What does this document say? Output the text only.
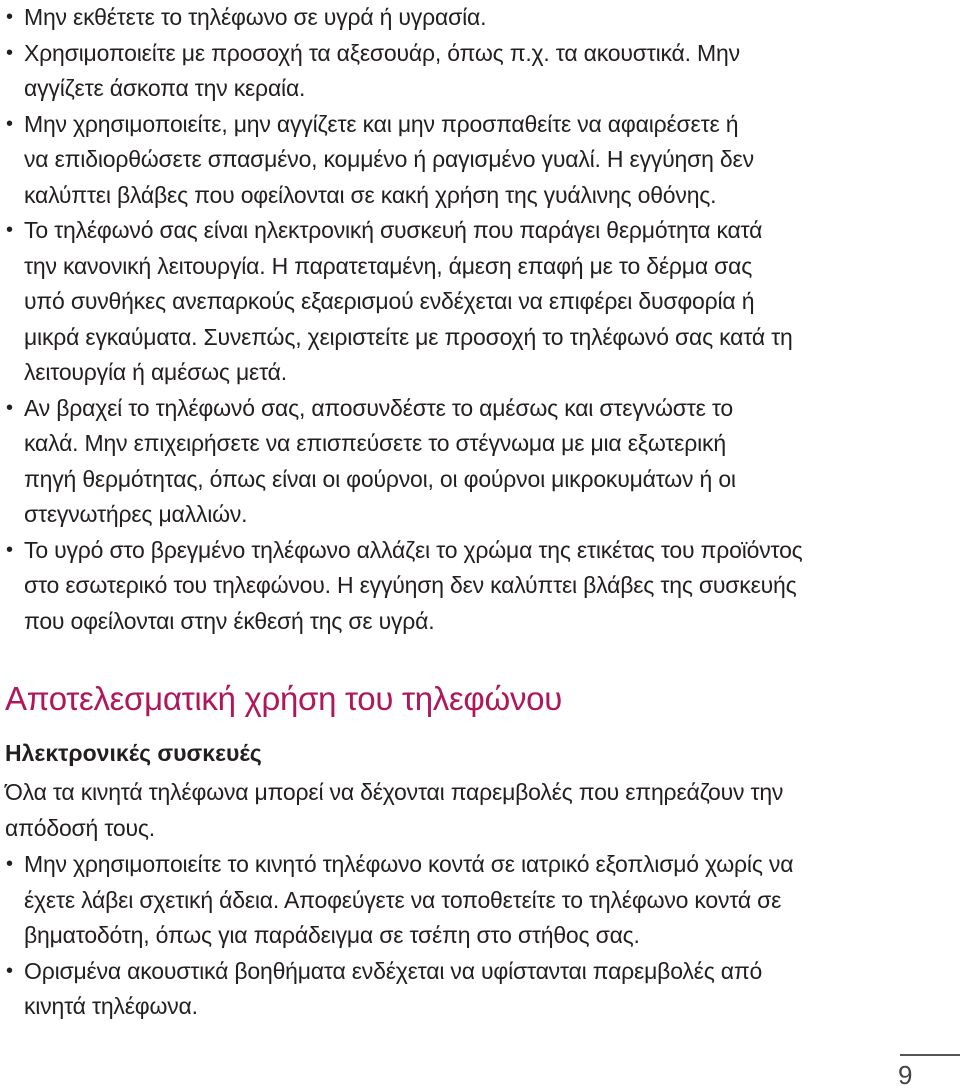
• Μην εκθέτετε το τηλέφωνο σε υγρά ή υγρασία.
• Χρησιμοποιείτε με προσοχή τα αξεσουάρ, όπως π.χ. τα ακουστικά. Μην
αγγίζετε άσκοπα την κεραία.
• Μην χρησιμοποιείτε, μην αγγίζετε και μην προσπαθείτε να αφαιρέσετε ή
να επιδιορθώσετε σπασμένο, κομμένο ή ραγισμένο γυαλί. Η εγγύηση δεν
καλύπτει βλάβες που οφείλονται σε κακή χρήση της γυάλινης οθόνης.
• Το τηλέφωνό σας είναι ηλεκτρονική συσκευή που παράγει θερμότητα κατά
την κανονική λειτουργία. Η παρατεταμένη, άμεση επαφή με το δέρμα σας
υπό συνθήκες ανεπαρκούς εξαερισμού ενδέχεται να επιφέρει δυσφορία ή
μικρά εγκαύματα. Συνεπώς, χειριστείτε με προσοχή το τηλέφωνό σας κατά τη
λειτουργία ή αμέσως μετά.
• Αν βραχεί το τηλέφωνό σας, αποσυνδέστε το αμέσως και στεγνώστε το
καλά. Μην επιχειρήσετε να επισπεύσετε το στέγνωμα με μια εξωτερική
πηγή θερμότητας, όπως είναι οι φούρνοι, οι φούρνοι μικροκυμάτων ή οι
στεγνωτήρες μαλλιών.
• Το υγρό στο βρεγμένο τηλέφωνο αλλάζει το χρώμα της ετικέτας του προϊόντος
στο εσωτερικό του τηλεφώνου. Η εγγύηση δεν καλύπτει βλάβες της συσκευής
που οφείλονται στην έκθεσή της σε υγρά.
Αποτελεσματική χρήση του τηλεφώνου
Ηλεκτρονικές συσκευές
Όλα τα κινητά τηλέφωνα μπορεί να δέχονται παρεμβολές που επηρεάζουν την
απόδοσή τους.
• Μην χρησιμοποιείτε το κινητό τηλέφωνο κοντά σε ιατρικό εξοπλισμό χωρίς να
έχετε λάβει σχετική άδεια. Αποφεύγετε να τοποθετείτε το τηλέφωνο κοντά σε
βηματοδότη, όπως για παράδειγμα σε τσέπη στο στήθος σας.
• Ορισμένα ακουστικά βοηθήματα ενδέχεται να υφίστανται παρεμβολές από
κινητά τηλέφωνα.
9
